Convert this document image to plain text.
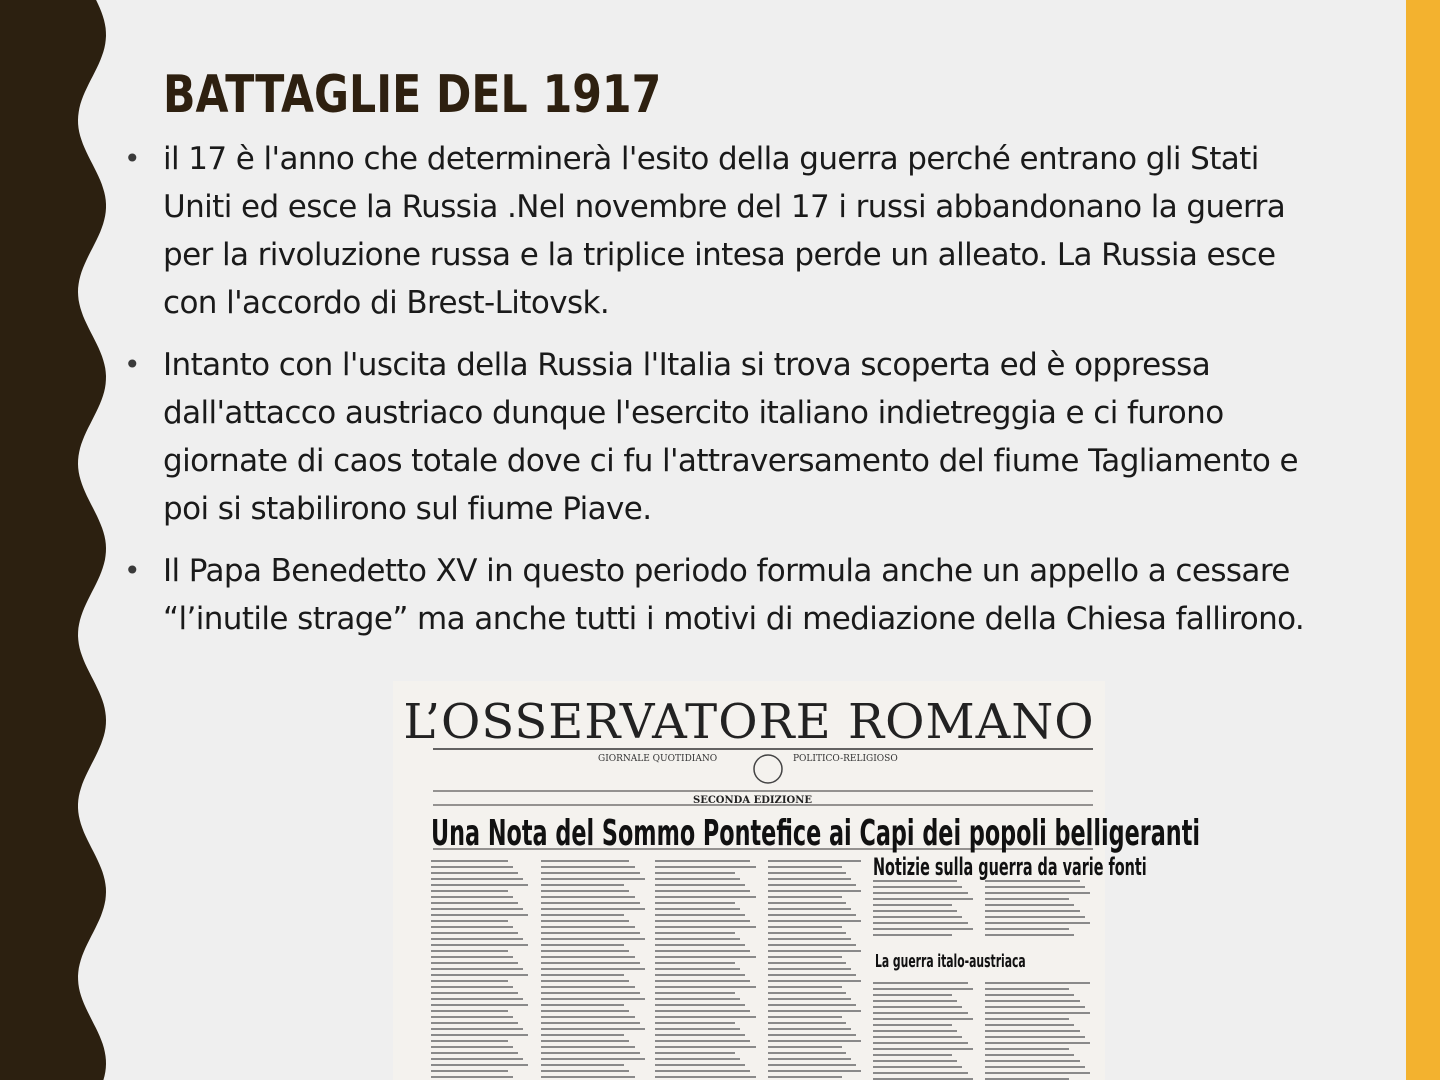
BATTAGLIE DEL 1917
• il 17 è l'anno che determinerà l'esito della guerra perché entrano gli Stati Uniti ed esce la Russia .Nel novembre del 17 i russi abbandonano la guerra per la rivoluzione russa e la triplice intesa perde un alleato. La Russia esce con l'accordo di Brest-Litovsk.
• Intanto con l'uscita della Russia l'Italia si trova scoperta ed è oppressa dall'attacco austriaco dunque l'esercito italiano indietreggia e ci furono giornate di caos totale dove ci fu l'attraversamento del fiume Tagliamento e poi si stabilirono sul fiume Piave.
• Il Papa Benedetto XV in questo periodo formula anche un appello a cessare “l’inutile strage” ma anche tutti i motivi di mediazione della Chiesa fallirono.
L’OSSERVATORE ROMANO
GIORNALE QUOTIDIANO	POLITICO-RELIGIOSO
SECONDA EDIZIONE
Una Nota del Sommo Pontefice ai Capi dei popoli belligeranti
Notizie sulla guerra da varie fonti
La guerra italo-austriaca
